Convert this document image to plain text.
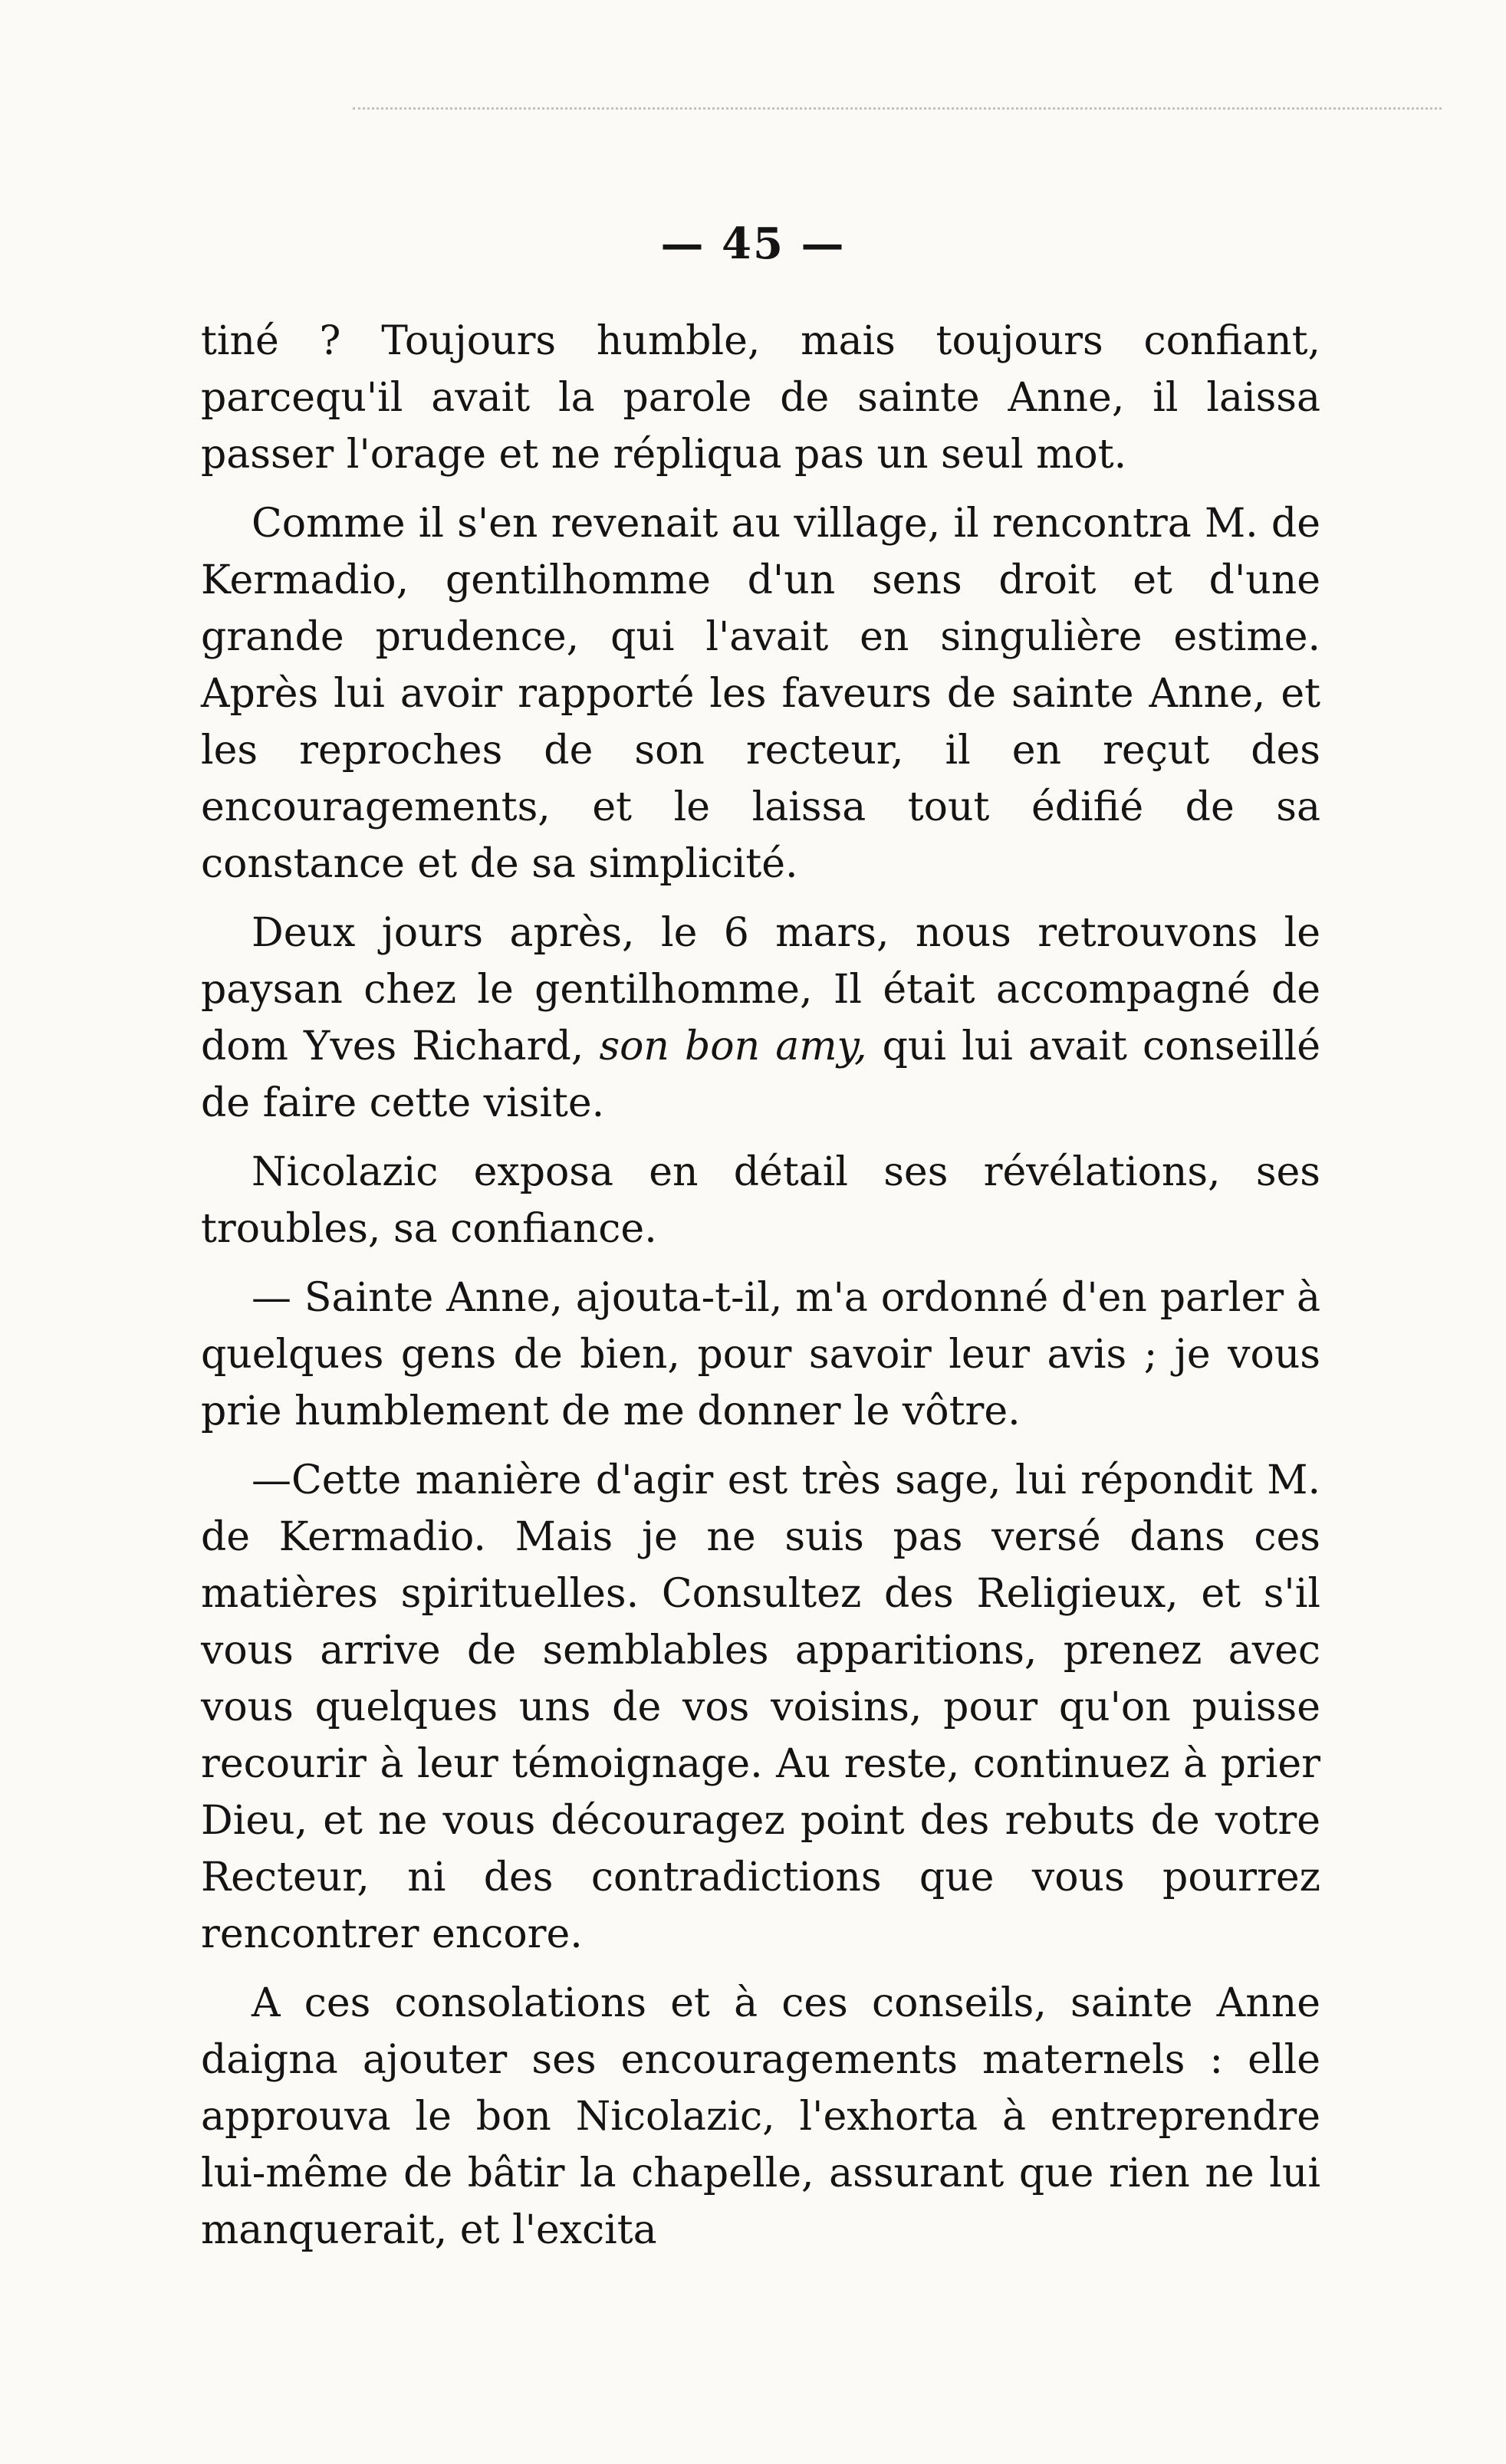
— 45 —

tiné ? Toujours humble, mais toujours confiant, parcequ'il avait la parole de sainte Anne, il laissa passer l'orage et ne répliqua pas un seul mot.

Comme il s'en revenait au village, il rencontra M. de Kermadio, gentilhomme d'un sens droit et d'une grande prudence, qui l'avait en singulière estime. Après lui avoir rapporté les faveurs de sainte Anne, et les reproches de son recteur, il en reçut des encouragements, et le laissa tout édifié de sa constance et de sa simplicité.

Deux jours après, le 6 mars, nous retrouvons le paysan chez le gentilhomme, Il était accompagné de dom Yves Richard, son bon amy, qui lui avait conseillé de faire cette visite.

Nicolazic exposa en détail ses révélations, ses troubles, sa confiance.

— Sainte Anne, ajouta-t-il, m'a ordonné d'en parler à quelques gens de bien, pour savoir leur avis ; je vous prie humblement de me donner le vôtre.

—Cette manière d'agir est très sage, lui répondit M. de Kermadio. Mais je ne suis pas versé dans ces matières spirituelles. Consultez des Religieux, et s'il vous arrive de semblables apparitions, prenez avec vous quelques uns de vos voisins, pour qu'on puisse recourir à leur témoignage. Au reste, continuez à prier Dieu, et ne vous découragez point des rebuts de votre Recteur, ni des contradictions que vous pourrez rencontrer encore.

A ces consolations et à ces conseils, sainte Anne daigna ajouter ses encouragements maternels : elle approuva le bon Nicolazic, l'exhorta à entreprendre lui-même de bâtir la chapelle, assurant que rien ne lui manquerait, et l'excita
